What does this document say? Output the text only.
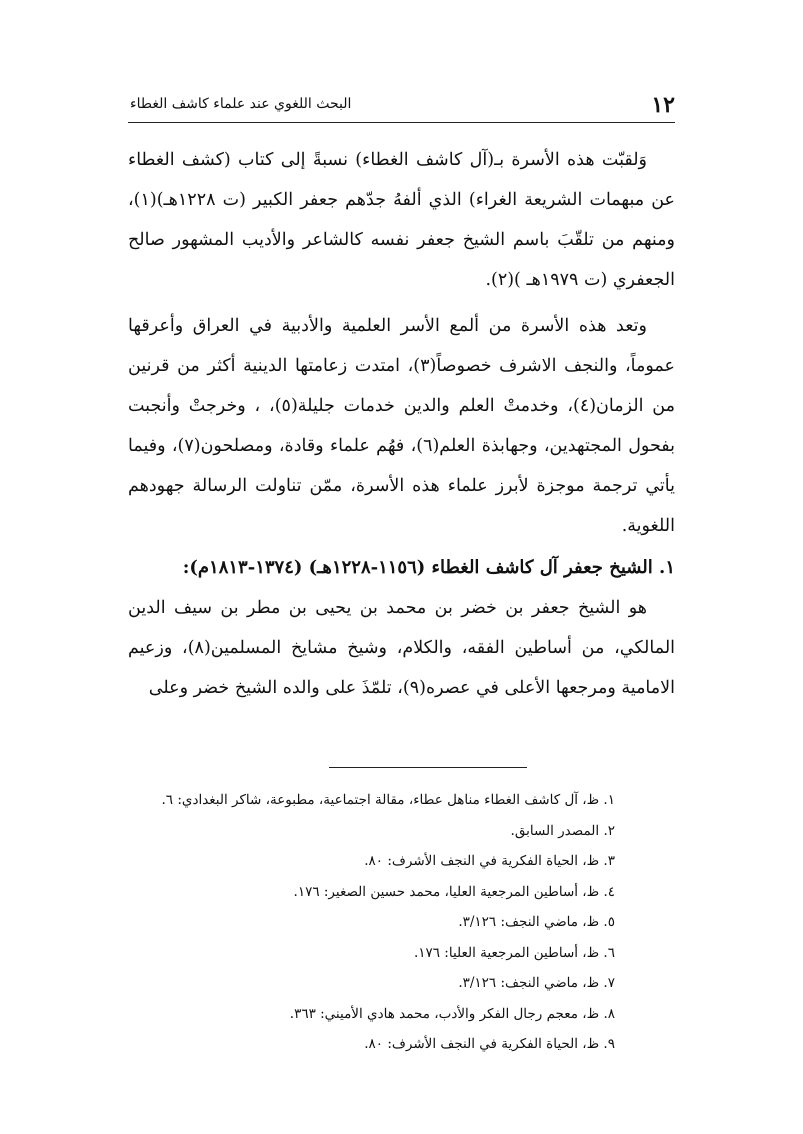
١٢
البحث اللغوي عند علماء كاشف الغطاء

وَلقبّت هذه الأسرة بـ(آل كاشف الغطاء) نسبةً إلى كتاب (كشف الغطاء عن مبهمات الشريعة الغراء) الذي ألفهُ جدّهم جعفر الكبير (ت ١٢٢٨هـ)(١)، ومنهم من تلقّبَ باسم الشيخ جعفر نفسه كالشاعر والأديب المشهور صالح الجعفري (ت ١٩٧٩هـ )(٢).

وتعد هذه الأسرة من ألمع الأسر العلمية والأدبية في العراق وأعرقها عموماً، والنجف الاشرف خصوصاً(٣)، امتدت زعامتها الدينية أكثر من قرنين من الزمان(٤)، وخدمتْ العلم والدين خدمات جليلة(٥)، ، وخرجتْ وأنجبت بفحول المجتهدين، وجهابذة العلم(٦)، فهُم علماء وقادة، ومصلحون(٧)، وفيما يأتي ترجمة موجزة لأبرز علماء هذه الأسرة، ممّن تناولت الرسالة جهودهم اللغوية.

١. الشيخ جعفر آل كاشف الغطاء (١١٥٦-١٢٢٨هـ) (١٣٧٤-١٨١٣م):

هو الشيخ جعفر بن خضر بن محمد بن يحيى بن مطر بن سيف الدين المالكي، من أساطين الفقه، والكلام، وشيخ مشايخ المسلمين(٨)، وزعيم الامامية ومرجعها الأعلى في عصره(٩)، تلمّذَ على والده الشيخ خضر وعلى

١. ظ، آل كاشف الغطاء مناهل عطاء، مقالة اجتماعية، مطبوعة، شاكر البغدادي: ٦.
٢. المصدر السابق.
٣. ظ، الحياة الفكرية في النجف الأشرف: ٨٠.
٤. ظ، أساطين المرجعية العليا، محمد حسين الصغير: ١٧٦.
٥. ظ، ماضي النجف: ٣/١٢٦.
٦. ظ، أساطين المرجعية العليا: ١٧٦.
٧. ظ، ماضي النجف: ٣/١٢٦.
٨. ظ، معجم رجال الفكر والأدب، محمد هادي الأميني: ٣٦٣.
٩. ظ، الحياة الفكرية في النجف الأشرف: ٨٠.
